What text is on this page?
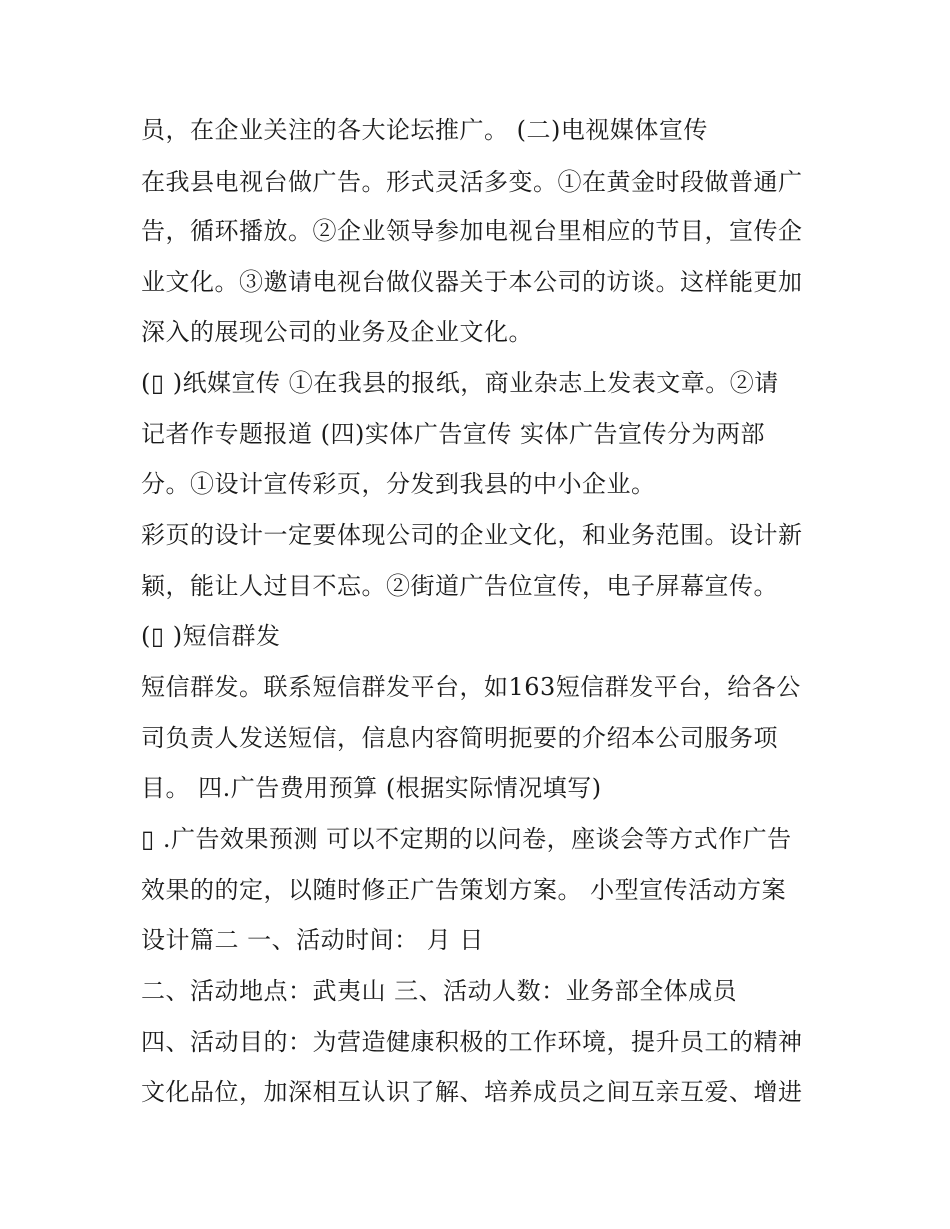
员，在企业关注的各大论坛推广。 (二)电视媒体宣传
在我县电视台做广告。形式灵活多变。①在黄金时段做普通广
告，循环播放。②企业领导参加电视台里相应的节目，宣传企
业文化。③邀请电视台做仪器关于本公司的访谈。这样能更加
深入的展现公司的业务及企业文化。
(▯ )纸媒宣传 ①在我县的报纸，商业杂志上发表文章。②请
记者作专题报道 (四)实体广告宣传 实体广告宣传分为两部
分。①设计宣传彩页，分发到我县的中小企业。
彩页的设计一定要体现公司的企业文化，和业务范围。设计新
颖，能让人过目不忘。②街道广告位宣传，电子屏幕宣传。
(▯ )短信群发
短信群发。联系短信群发平台，如163短信群发平台，给各公
司负责人发送短信，信息内容简明扼要的介绍本公司服务项
目。 四.广告费用预算 (根据实际情况填写)
▯ .广告效果预测 可以不定期的以问卷，座谈会等方式作广告
效果的的定，以随时修正广告策划方案。 小型宣传活动方案
设计篇二 一、活动时间： 月 日
二、活动地点：武夷山 三、活动人数：业务部全体成员
四、活动目的：为营造健康积极的工作环境，提升员工的精神
文化品位，加深相互认识了解、培养成员之间互亲互爱、增进
